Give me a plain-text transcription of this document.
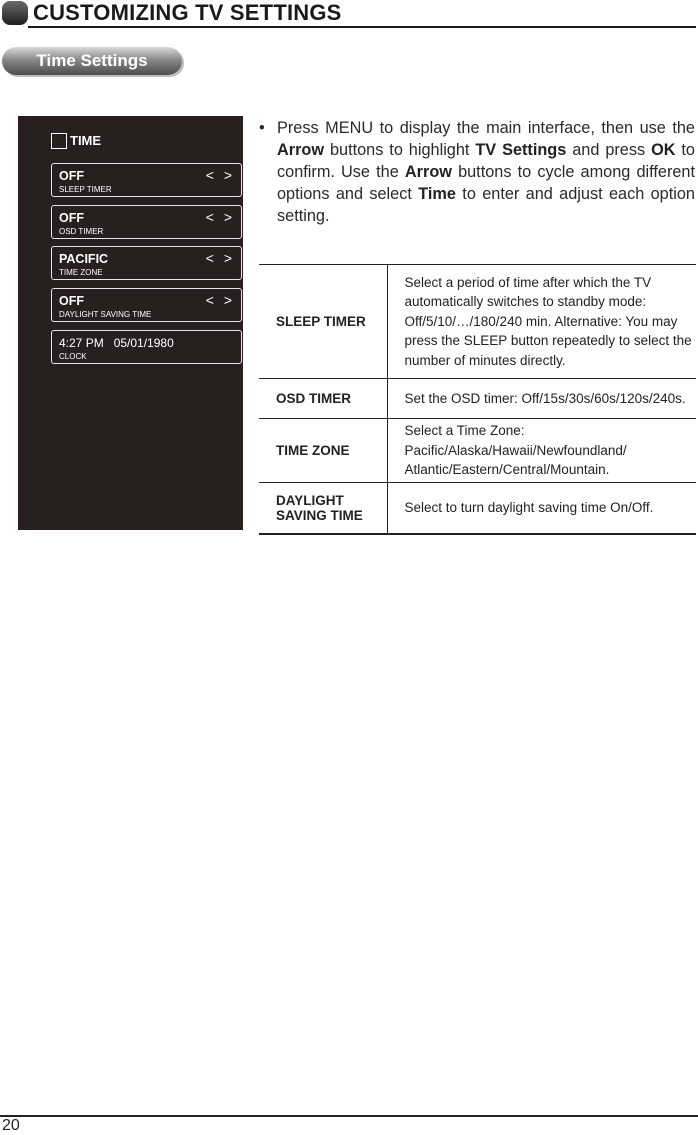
CUSTOMIZING TV SETTINGS
Time Settings
TIME
OFF
SLEEP TIMER
< >
OFF
OSD TIMER
< >
PACIFIC
TIME ZONE
< >
OFF
DAYLIGHT SAVING TIME
< >
4:27 PM   05/01/1980
CLOCK
• Press MENU to display the main interface, then use the Arrow buttons to highlight TV Settings and press OK to confirm. Use the Arrow buttons to cycle among different options and select Time to enter and adjust each option setting.
SLEEP TIMER	Select a period of time after which the TV automatically switches to standby mode: Off/5/10/…/180/240 min. Alternative: You may press the SLEEP button repeatedly to select the number of minutes directly.
OSD TIMER	Set the OSD timer: Off/15s/30s/60s/120s/240s.
TIME ZONE	Select a Time Zone: Pacific/Alaska/Hawaii/Newfoundland/ Atlantic/Eastern/Central/Mountain.
DAYLIGHT SAVING TIME	Select to turn daylight saving time On/Off.
20
